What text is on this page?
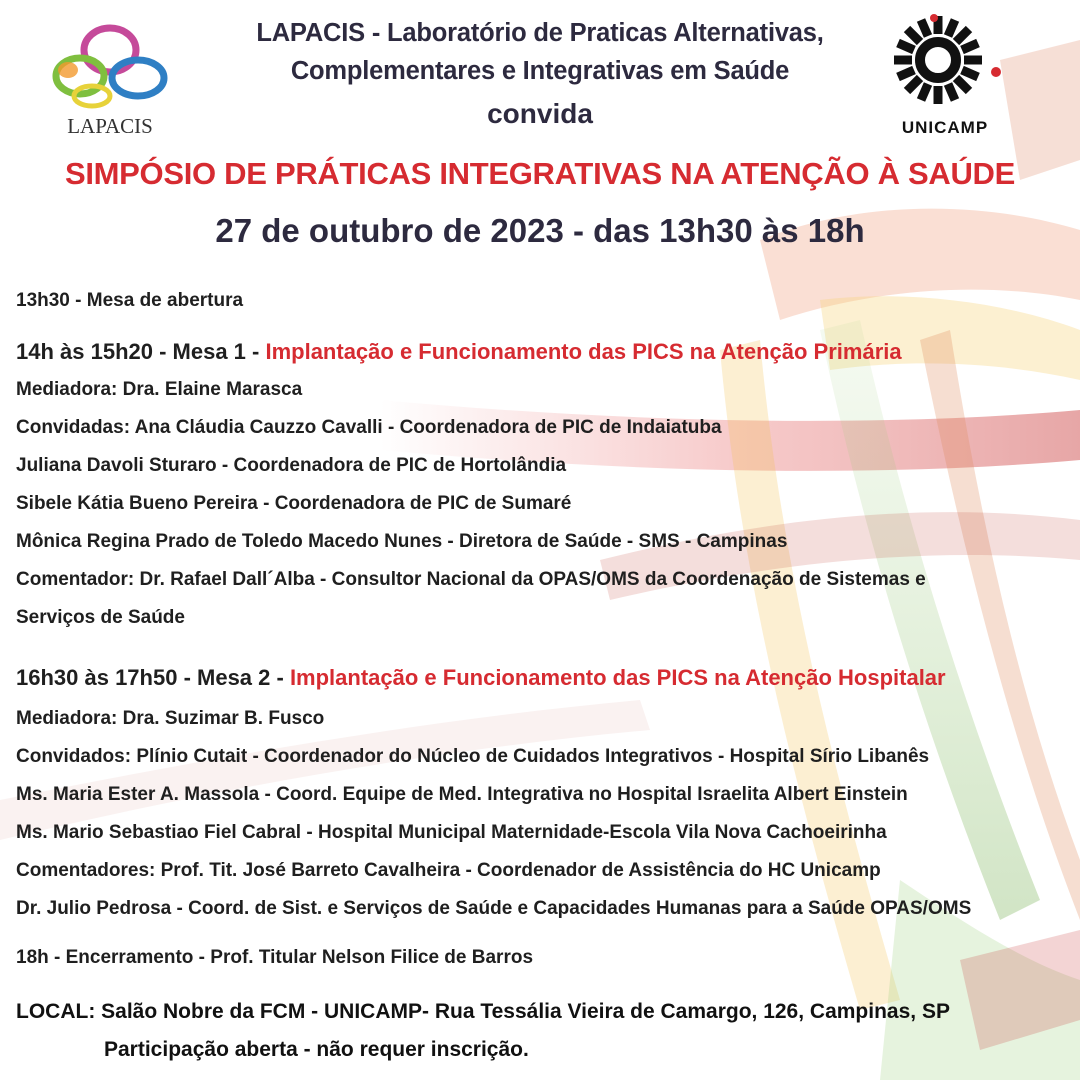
LAPACIS
LAPACIS - Laboratório de Praticas Alternativas,
Complementares e Integrativas em Saúde
convida	UNICAMP
SIMPÓSIO DE PRÁTICAS INTEGRATIVAS NA ATENÇÃO À SAÚDE
27 de outubro de 2023 - das 13h30 às 18h
13h30 - Mesa de abertura
14h às 15h20 - Mesa 1 - Implantação e Funcionamento das PICS na Atenção Primária
Mediadora: Dra. Elaine Marasca
Convidadas: Ana Cláudia Cauzzo Cavalli - Coordenadora de PIC de Indaiatuba
Juliana Davoli Sturaro - Coordenadora de PIC de Hortolândia
Sibele Kátia Bueno Pereira - Coordenadora de PIC de Sumaré
Mônica Regina Prado de Toledo Macedo Nunes - Diretora de Saúde - SMS - Campinas
Comentador: Dr. Rafael Dall´Alba - Consultor Nacional da OPAS/OMS da Coordenação de Sistemas e
Serviços de Saúde
16h30 às 17h50 - Mesa 2 - Implantação e Funcionamento das PICS na Atenção Hospitalar
Mediadora: Dra. Suzimar B. Fusco
Convidados: Plínio Cutait - Coordenador do Núcleo de Cuidados Integrativos - Hospital Sírio Libanês
Ms. Maria Ester A. Massola - Coord. Equipe de Med. Integrativa no Hospital Israelita Albert Einstein
Ms. Mario Sebastiao Fiel Cabral - Hospital Municipal Maternidade-Escola Vila Nova Cachoeirinha
Comentadores: Prof. Tit. José Barreto Cavalheira - Coordenador de Assistência do HC Unicamp
Dr. Julio Pedrosa - Coord. de Sist. e Serviços de Saúde e Capacidades Humanas para a Saúde OPAS/OMS
18h - Encerramento - Prof. Titular Nelson Filice de Barros
LOCAL: Salão Nobre da FCM - UNICAMP- Rua Tessália Vieira de Camargo, 126, Campinas, SP
Participação aberta - não requer inscrição.
